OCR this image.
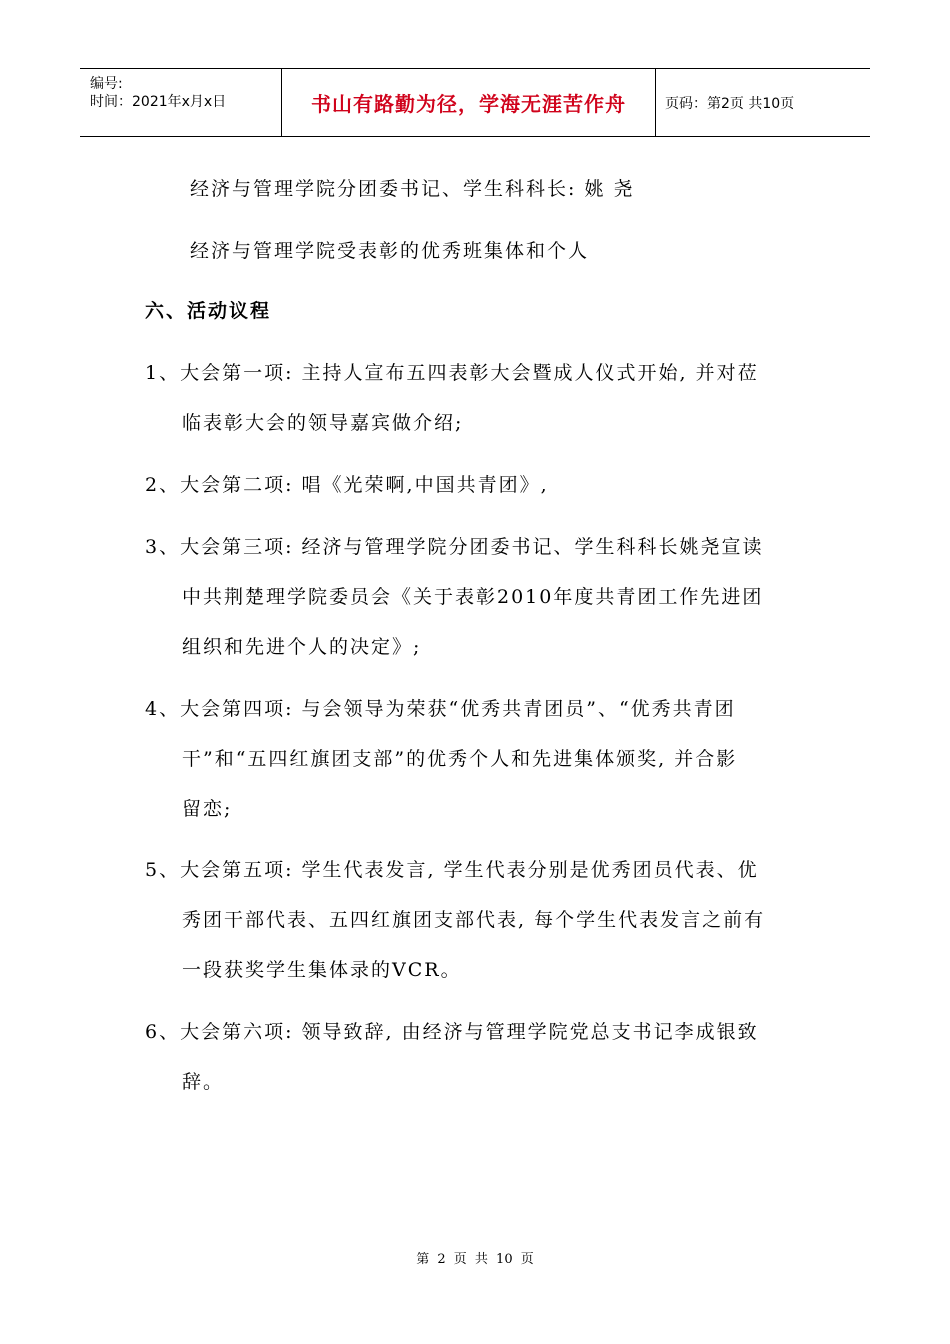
编号:
时间：2021年x月x日	书山有路勤为径，学海无涯苦作舟	页码：第2页 共10页
经济与管理学院分团委书记、学生科科长: 姚 尧
经济与管理学院受表彰的优秀班集体和个人
六、活动议程
1、大会第一项: 主持人宣布五四表彰大会暨成人仪式开始, 并对莅
临表彰大会的领导嘉宾做介绍;
2、大会第二项: 唱《光荣啊,中国共青团》,
3、大会第三项: 经济与管理学院分团委书记、学生科科长姚尧宣读
中共荆楚理学院委员会《关于表彰2010年度共青团工作先进团
组织和先进个人的决定》;
4、大会第四项: 与会领导为荣获“优秀共青团员”、“优秀共青团
干”和“五四红旗团支部”的优秀个人和先进集体颁奖, 并合影
留恋;
5、大会第五项: 学生代表发言, 学生代表分别是优秀团员代表、优
秀团干部代表、五四红旗团支部代表, 每个学生代表发言之前有
一段获奖学生集体录的VCR。
6、大会第六项: 领导致辞, 由经济与管理学院党总支书记李成银致
辞。
第 2 页 共 10 页
